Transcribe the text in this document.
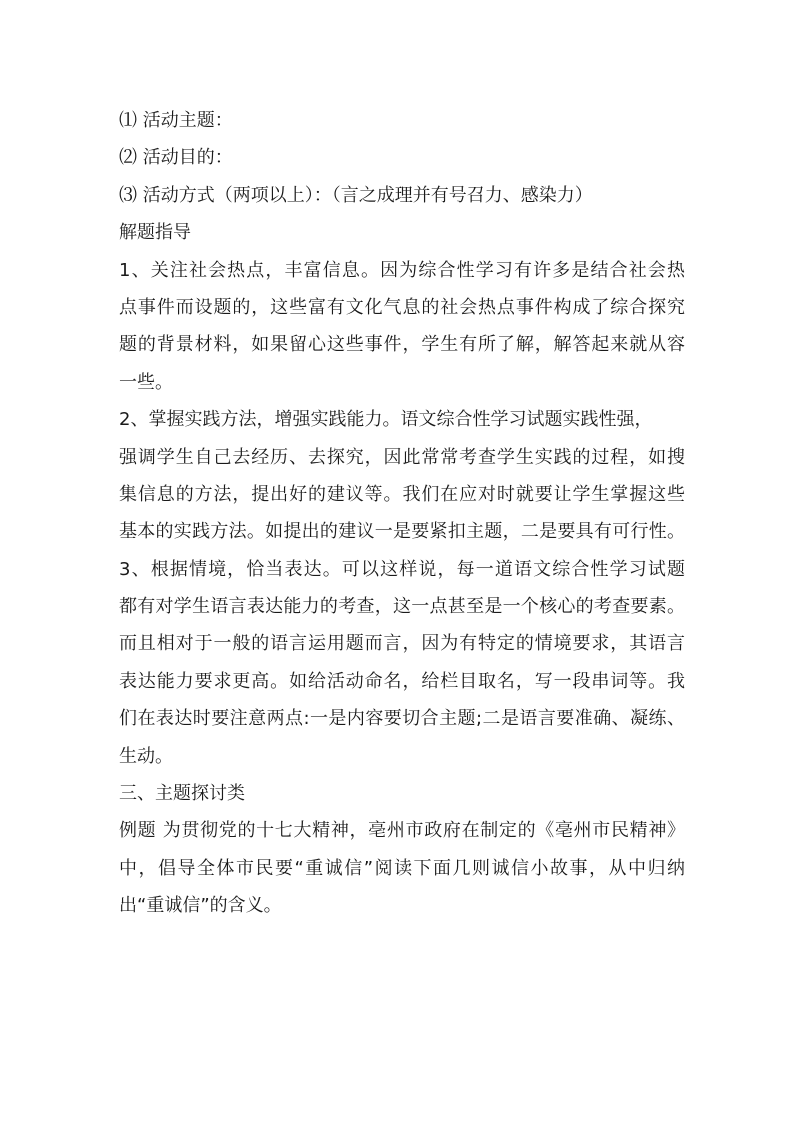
⑴ 活动主题：
⑵ 活动目的：
⑶ 活动方式（两项以上）：（言之成理并有号召力、感染力）
解题指导
1、关注社会热点，丰富信息。因为综合性学习有许多是结合社会热
点事件而设题的，这些富有文化气息的社会热点事件构成了综合探究
题的背景材料，如果留心这些事件，学生有所了解，解答起来就从容
一些。
2、掌握实践方法，增强实践能力。语文综合性学习试题实践性强，
强调学生自己去经历、去探究，因此常常考查学生实践的过程，如搜
集信息的方法，提出好的建议等。我们在应对时就要让学生掌握这些
基本的实践方法。如提出的建议一是要紧扣主题，二是要具有可行性。
3、根据情境，恰当表达。可以这样说，每一道语文综合性学习试题
都有对学生语言表达能力的考查，这一点甚至是一个核心的考查要素。
而且相对于一般的语言运用题而言，因为有特定的情境要求，其语言
表达能力要求更高。如给活动命名，给栏目取名，写一段串词等。我
们在表达时要注意两点:一是内容要切合主题;二是语言要准确、凝练、
生动。
三、主题探讨类
例题 为贯彻党的十七大精神，亳州市政府在制定的《亳州市民精神》
中，倡导全体市民要“重诚信”阅读下面几则诚信小故事，从中归纳
出“重诚信”的含义。
